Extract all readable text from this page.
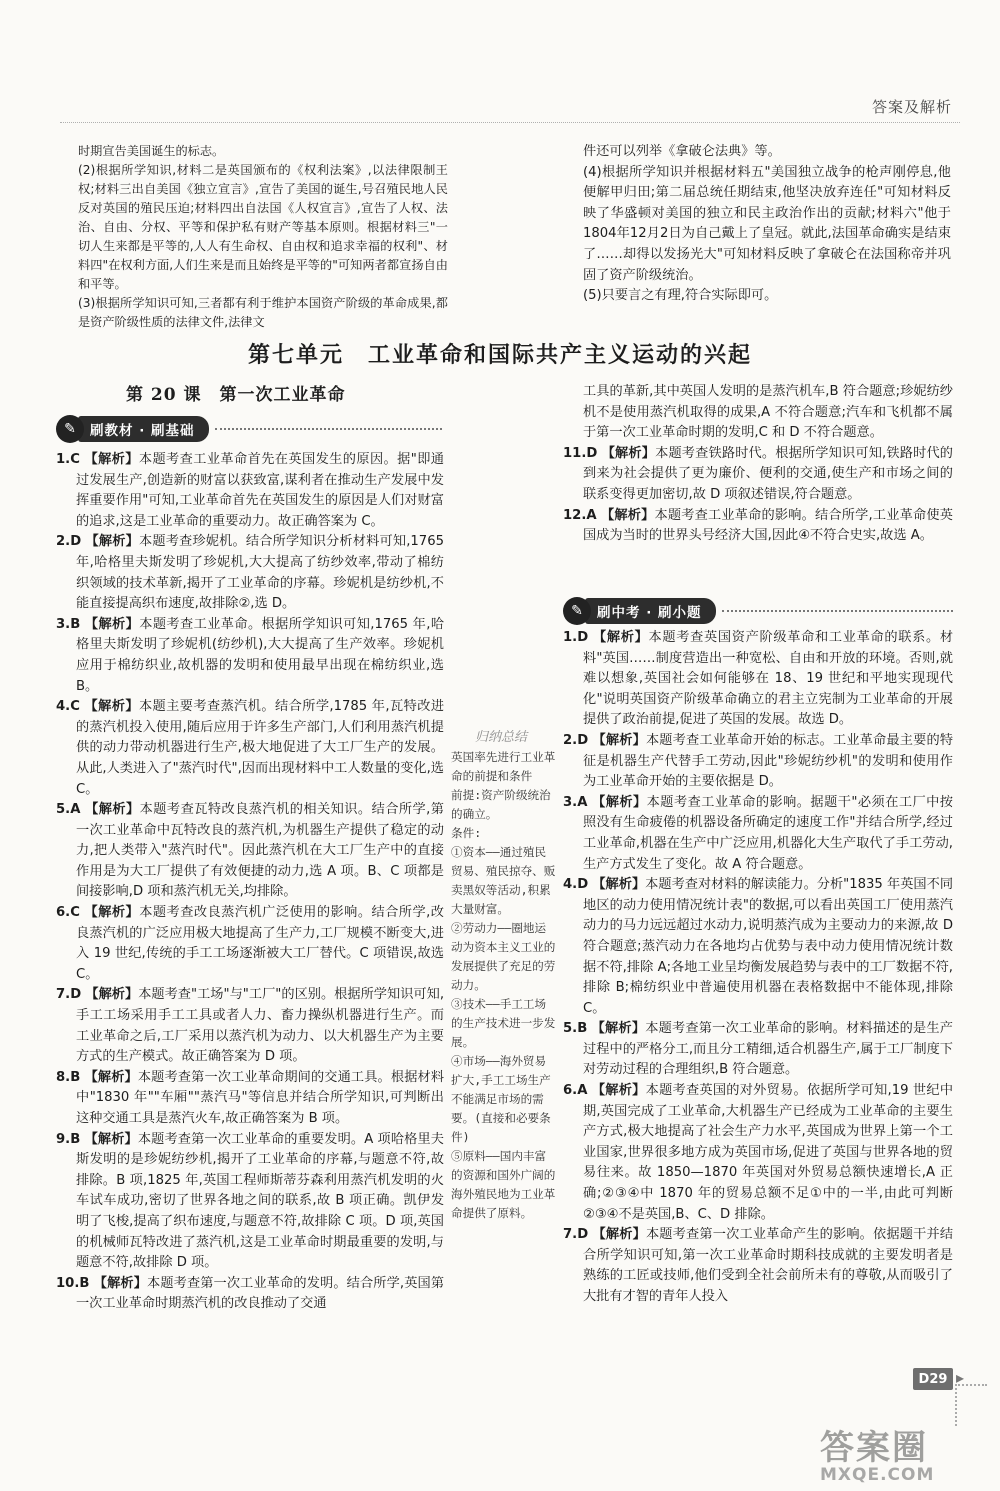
答案及解析

时期宣告美国诞生的标志。

(2)根据所学知识,材料二是英国颁布的《权利法案》,以法律限制王权;材料三出自美国《独立宣言》,宣告了美国的诞生,号召殖民地人民反对英国的殖民压迫;材料四出自法国《人权宣言》,宣告了人权、法治、自由、分权、平等和保护私有财产等基本原则。根据材料三"一切人生来都是平等的,人人有生命权、自由权和追求幸福的权利"、材料四"在权利方面,人们生来是而且始终是平等的"可知两者都宣扬自由和平等。

(3)根据所学知识可知,三者都有利于维护本国资产阶级的革命成果,都是资产阶级性质的法律文件,法律文

件还可以列举《拿破仑法典》等。

(4)根据所学知识并根据材料五"美国独立战争的枪声刚停息,他便解甲归田;第二届总统任期结束,他坚决放弃连任"可知材料反映了华盛顿对美国的独立和民主政治作出的贡献;材料六"他于1804年12月2日为自己戴上了皇冠。就此,法国革命确实是结束了……却得以发扬光大"可知材料反映了拿破仑在法国称帝并巩固了资产阶级统治。

(5)只要言之有理,符合实际即可。

第七单元　工业革命和国际共产主义运动的兴起
第 20 课　第一次工业革命
✎	刷教材 · 刷基础

1.C 【解析】本题考查工业革命首先在英国发生的原因。据"即通过发展生产,创造新的财富以获致富,谋利者在推动生产发展中发挥重要作用"可知,工业革命首先在英国发生的原因是人们对财富的追求,这是工业革命的重要动力。故正确答案为 C。

2.D 【解析】本题考查珍妮机。结合所学知识分析材料可知,1765 年,哈格里夫斯发明了珍妮机,大大提高了纺纱效率,带动了棉纺织领域的技术革新,揭开了工业革命的序幕。珍妮机是纺纱机,不能直接提高织布速度,故排除②,选 D。

3.B 【解析】本题考查工业革命。根据所学知识可知,1765 年,哈格里夫斯发明了珍妮机(纺纱机),大大提高了生产效率。珍妮机应用于棉纺织业,故机器的发明和使用最早出现在棉纺织业,选 B。

4.C 【解析】本题主要考查蒸汽机。结合所学,1785 年,瓦特改进的蒸汽机投入使用,随后应用于许多生产部门,人们利用蒸汽机提供的动力带动机器进行生产,极大地促进了大工厂生产的发展。从此,人类进入了"蒸汽时代",因而出现材料中工人数量的变化,选 C。

5.A 【解析】本题考查瓦特改良蒸汽机的相关知识。结合所学,第一次工业革命中瓦特改良的蒸汽机,为机器生产提供了稳定的动力,把人类带入"蒸汽时代"。因此蒸汽机在大工厂生产中的直接作用是为大工厂提供了有效便捷的动力,选 A 项。B、C 项都是间接影响,D 项和蒸汽机无关,均排除。

6.C 【解析】本题考查改良蒸汽机广泛使用的影响。结合所学,改良蒸汽机的广泛应用极大地提高了生产力,工厂规模不断变大,进入 19 世纪,传统的手工工场逐渐被大工厂替代。C 项错误,故选 C。

7.D 【解析】本题考查"工场"与"工厂"的区别。根据所学知识可知,手工工场采用手工工具或者人力、畜力操纵机器进行生产。而工业革命之后,工厂采用以蒸汽机为动力、以大机器生产为主要方式的生产模式。故正确答案为 D 项。

8.B 【解析】本题考查第一次工业革命期间的交通工具。根据材料中"1830 年""车厢""蒸汽马"等信息并结合所学知识,可判断出这种交通工具是蒸汽火车,故正确答案为 B 项。

9.B 【解析】本题考查第一次工业革命的重要发明。A 项哈格里夫斯发明的是珍妮纺纱机,揭开了工业革命的序幕,与题意不符,故排除。B 项,1825 年,英国工程师斯蒂芬森利用蒸汽机发明的火车试车成功,密切了世界各地之间的联系,故 B 项正确。凯伊发明了飞梭,提高了织布速度,与题意不符,故排除 C 项。D 项,英国的机械师瓦特改进了蒸汽机,这是工业革命时期最重要的发明,与题意不符,故排除 D 项。

10.B 【解析】本题考查第一次工业革命的发明。结合所学,英国第一次工业革命时期蒸汽机的改良推动了交通

工具的革新,其中英国人发明的是蒸汽机车,B 符合题意;珍妮纺纱机不是使用蒸汽机取得的成果,A 不符合题意;汽车和飞机都不属于第一次工业革命时期的发明,C 和 D 不符合题意。

11.D 【解析】本题考查铁路时代。根据所学知识可知,铁路时代的到来为社会提供了更为廉价、便利的交通,使生产和市场之间的联系变得更加密切,故 D 项叙述错误,符合题意。

12.A 【解析】本题考查工业革命的影响。结合所学,工业革命使英国成为当时的世界头号经济大国,因此④不符合史实,故选 A。

✎	刷中考 · 刷小题

1.D 【解析】本题考查英国资产阶级革命和工业革命的联系。材料"英国……制度营造出一种宽松、自由和开放的环境。否则,就难以想象,英国社会如何能够在 18、19 世纪和平地实现现代化"说明英国资产阶级革命确立的君主立宪制为工业革命的开展提供了政治前提,促进了英国的发展。故选 D。

2.D 【解析】本题考查工业革命开始的标志。工业革命最主要的特征是机器生产代替手工劳动,因此"珍妮纺纱机"的发明和使用作为工业革命开始的主要依据是 D。

3.A 【解析】本题考查工业革命的影响。据题干"必须在工厂中按照没有生命疲倦的机器设备所确定的速度工作"并结合所学,经过工业革命,机器在生产中广泛应用,机器化大生产取代了手工劳动,生产方式发生了变化。故 A 符合题意。

4.D 【解析】本题考查对材料的解读能力。分析"1835 年英国不同地区的动力使用情况统计表"的数据,可以看出英国工厂使用蒸汽动力的马力远远超过水动力,说明蒸汽成为主要动力的来源,故 D 符合题意;蒸汽动力在各地均占优势与表中动力使用情况统计数据不符,排除 A;各地工业呈均衡发展趋势与表中的工厂数据不符,排除 B;棉纺织业中普遍使用机器在表格数据中不能体现,排除 C。

5.B 【解析】本题考查第一次工业革命的影响。材料描述的是生产过程中的严格分工,而且分工精细,适合机器生产,属于工厂制度下对劳动过程的合理组织,B 符合题意。

6.A 【解析】本题考查英国的对外贸易。依据所学可知,19 世纪中期,英国完成了工业革命,大机器生产已经成为工业革命的主要生产方式,极大地提高了社会生产力水平,英国成为世界上第一个工业国家,世界很多地方成为英国市场,促进了英国与世界各地的贸易往来。故 1850—1870 年英国对外贸易总额快速增长,A 正确;②③④中 1870 年的贸易总额不足①中的一半,由此可判断②③④不是英国,B、C、D 排除。

7.D 【解析】本题考查第一次工业革命产生的影响。依据题干并结合所学知识可知,第一次工业革命时期科技成就的主要发明者是熟练的工匠或技师,他们受到全社会前所未有的尊敬,从而吸引了大批有才智的青年人投入

归纳总结

英国率先进行工业革命的前提和条件

前提:资产阶级统治的确立。

条件:

①资本——通过殖民贸易、殖民掠夺、贩卖黑奴等活动,积累大量财富。

②劳动力——圈地运动为资本主义工业的发展提供了充足的劳动力。

③技术——手工工场的生产技术进一步发展。

④市场——海外贸易扩大,手工工场生产不能满足市场的需要。(直接和必要条件)

⑤原料——国内丰富的资源和国外广阔的海外殖民地为工业革命提供了原料。

D29 ▸
答案圈
MXQE.COM
